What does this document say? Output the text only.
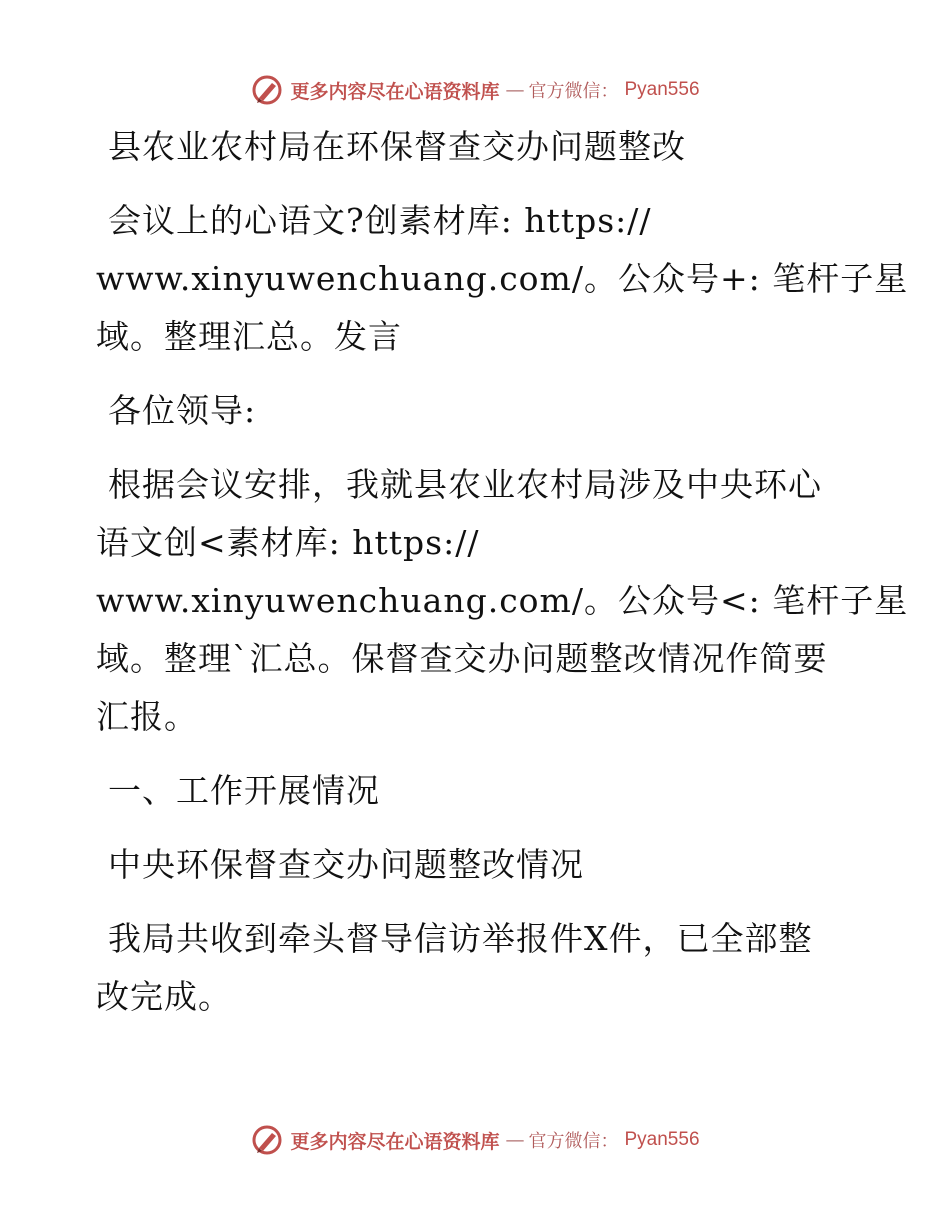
更多内容尽在心语资料库 — 官方微信： Pyan556

县农业农村局在环保督查交办问题整改

会议上的心语文?创素材库: https://
www.xinyuwenchuang.com/。公众号+: 笔杆子星
域。整理汇总。发言

各位领导:

根据会议安排，我就县农业农村局涉及中央环心
语文创<素材库: https://
www.xinyuwenchuang.com/。公众号<: 笔杆子星
域。整理`汇总。保督查交办问题整改情况作简要
汇报。

一、工作开展情况

中央环保督查交办问题整改情况

我局共收到牵头督导信访举报件X件，已全部整
改完成。

更多内容尽在心语资料库 — 官方微信： Pyan556
